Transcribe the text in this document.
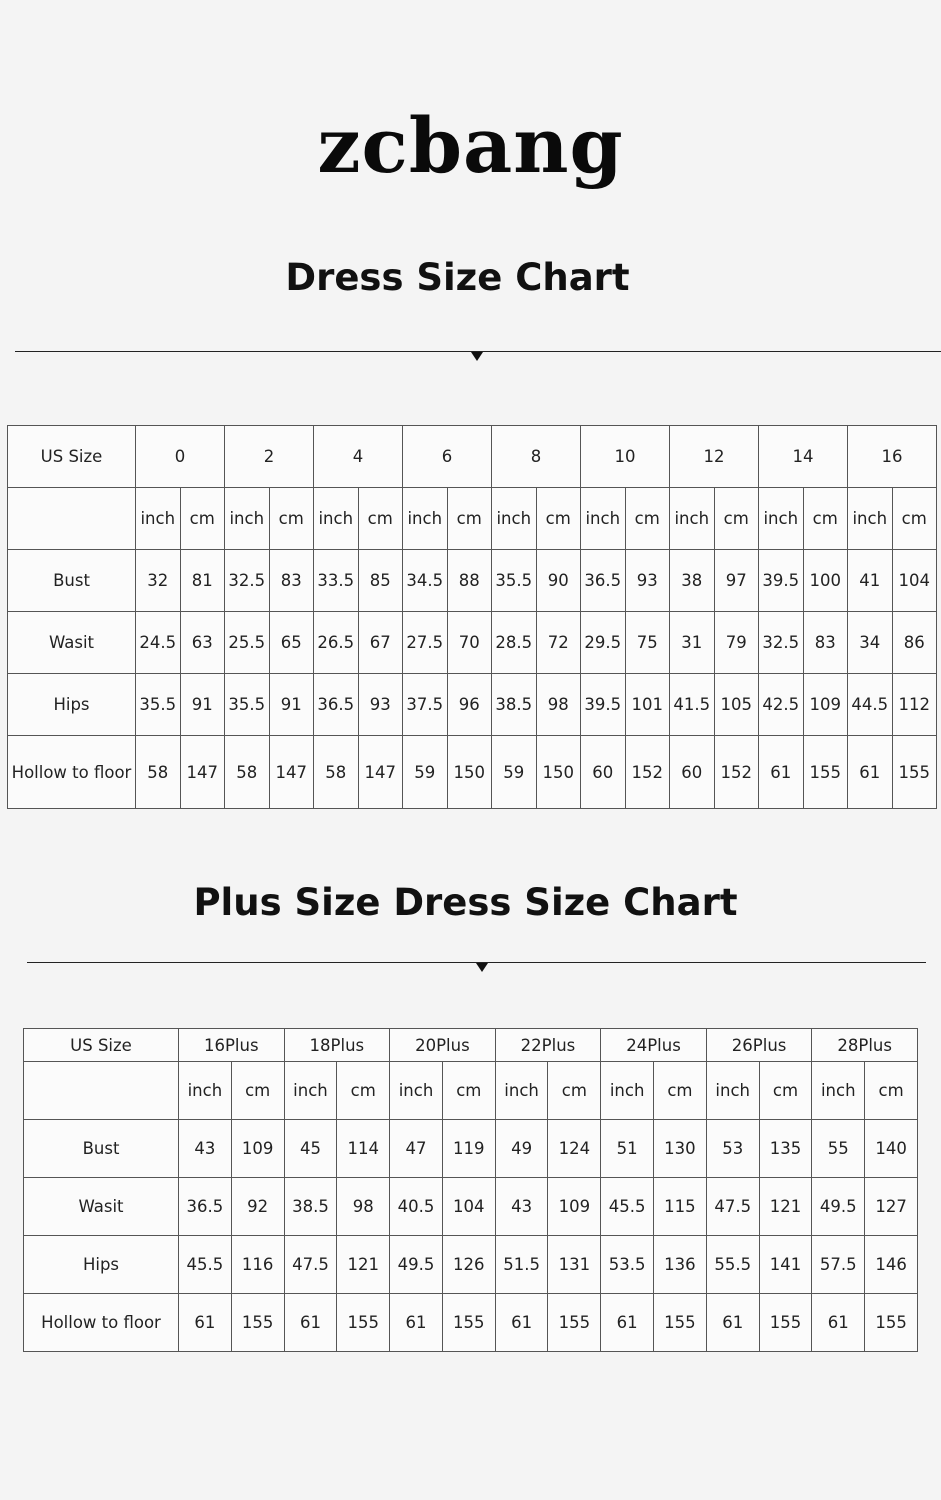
zcbang
Dress Size Chart
US Size	0		2		4		6		8		10		12		14		16	
	inch	cm	inch	cm	inch	cm	inch	cm	inch	cm	inch	cm	inch	cm	inch	cm	inch	cm
Bust	32	81	32.5	83	33.5	85	34.5	88	35.5	90	36.5	93	38	97	39.5	100	41	104
Wasit	24.5	63	25.5	65	26.5	67	27.5	70	28.5	72	29.5	75	31	79	32.5	83	34	86
Hips	35.5	91	35.5	91	36.5	93	37.5	96	38.5	98	39.5	101	41.5	105	42.5	109	44.5	112
Hollow to floor	58	147	58	147	58	147	59	150	59	150	60	152	60	152	61	155	61	155
Plus Size Dress Size Chart
US Size	16Plus		18Plus		20Plus		22Plus		24Plus		26Plus		28Plus	
	inch	cm	inch	cm	inch	cm	inch	cm	inch	cm	inch	cm	inch	cm
Bust	43	109	45	114	47	119	49	124	51	130	53	135	55	140
Wasit	36.5	92	38.5	98	40.5	104	43	109	45.5	115	47.5	121	49.5	127
Hips	45.5	116	47.5	121	49.5	126	51.5	131	53.5	136	55.5	141	57.5	146
Hollow to floor	61	155	61	155	61	155	61	155	61	155	61	155	61	155
